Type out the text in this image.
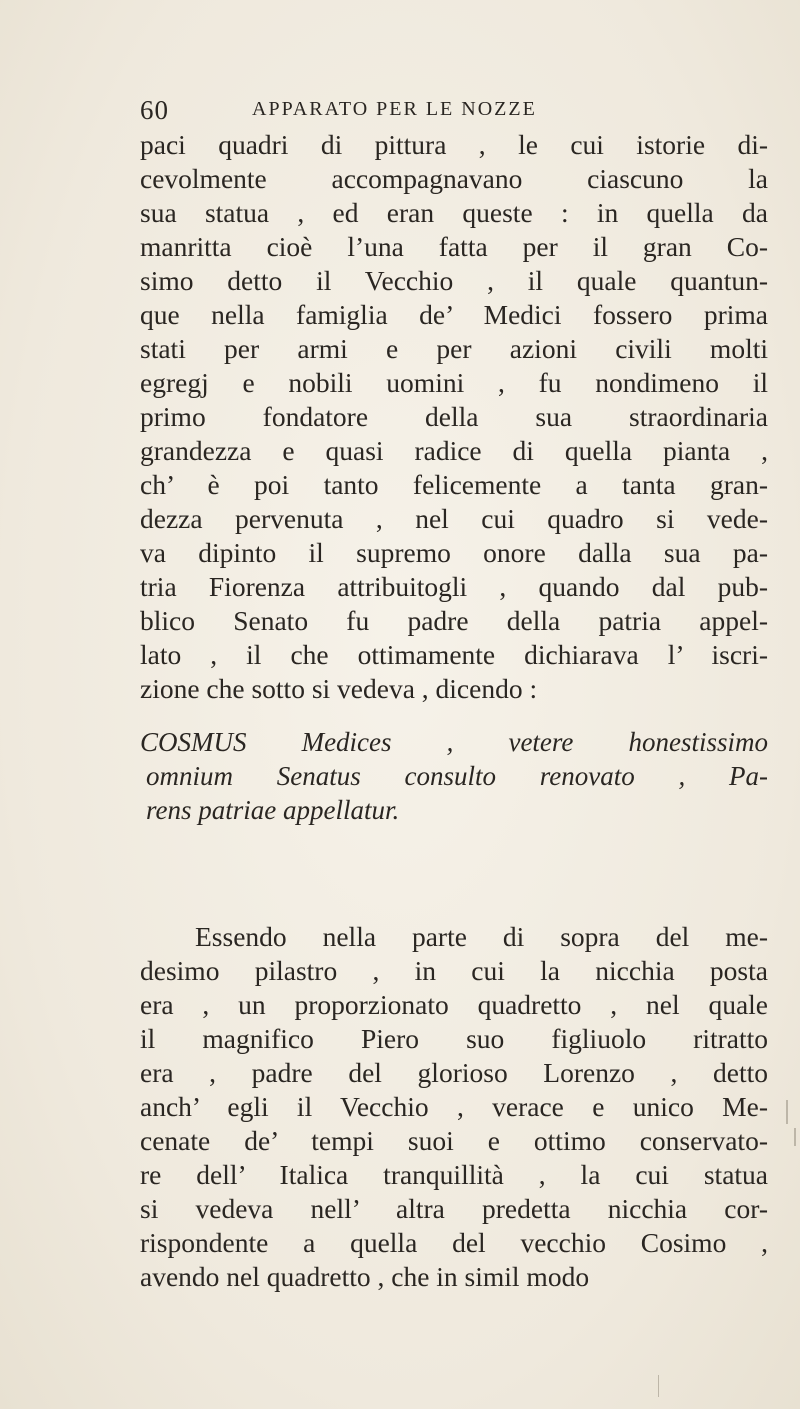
60	APPARATO PER LE NOZZE
paci quadri di pittura , le cui istorie di-
cevolmente accompagnavano ciascuno la
sua statua , ed eran queste : in quella da
manritta cioè l’una fatta per il gran Co-
simo detto il Vecchio , il quale quantun-
que nella famiglia de’ Medici fossero prima
stati per armi e per azioni civili molti
egregj e nobili uomini , fu nondimeno il
primo fondatore della sua straordinaria
grandezza e quasi radice di quella pianta ,
ch’ è poi tanto felicemente a tanta gran-
dezza pervenuta , nel cui quadro si vede-
va dipinto il supremo onore dalla sua pa-
tria Fiorenza attribuitogli , quando dal pub-
blico Senato fu padre della patria appel-
lato , il che ottimamente dichiarava l’ iscri-
zione che sotto si vedeva , dicendo :
COSMUS Medices , vetere honestissimo
omnium Senatus consulto renovato , Pa-
rens patriae appellatur.
Essendo nella parte di sopra del me-
desimo pilastro , in cui la nicchia posta
era , un proporzionato quadretto , nel quale
il magnifico Piero suo figliuolo ritratto
era , padre del glorioso Lorenzo , detto
anch’ egli il Vecchio , verace e unico Me-
cenate de’ tempi suoi e ottimo conservato-
re dell’ Italica tranquillità , la cui statua
si vedeva nell’ altra predetta nicchia cor-
rispondente a quella del vecchio Cosimo ,
avendo nel quadretto , che in simil modo
